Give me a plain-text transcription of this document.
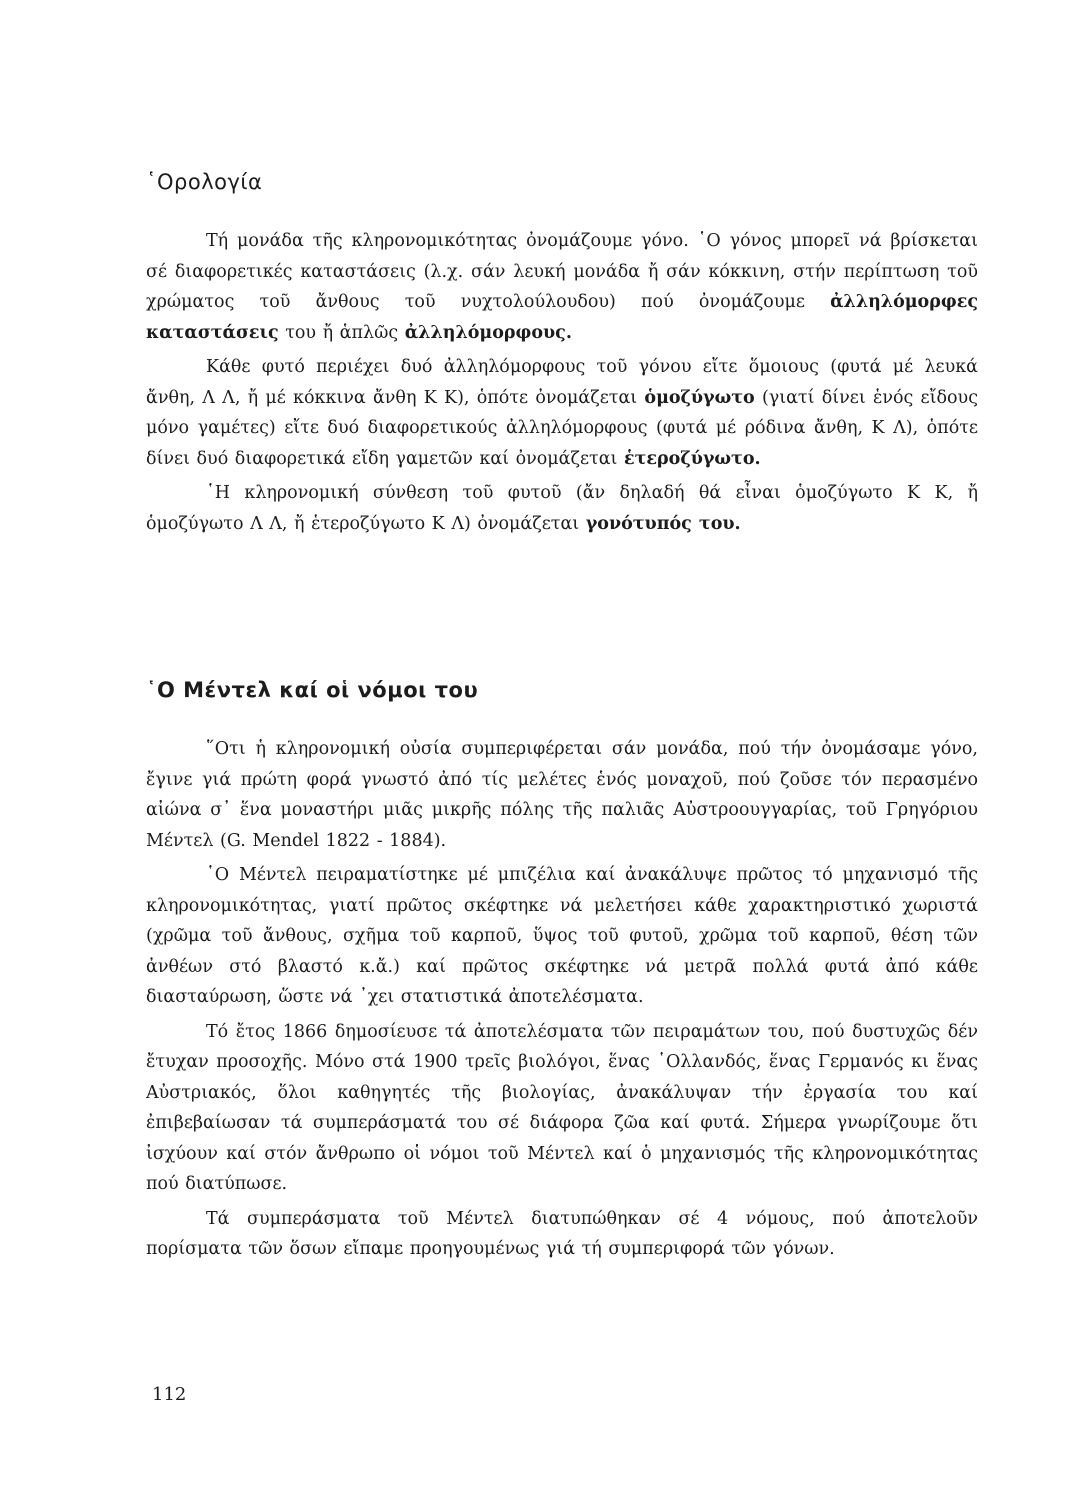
῾Ορολογία

Τή μονάδα τῆς κληρονομικότητας ὀνομάζουμε γόνο. ῾Ο γόνος μπορεῖ νά βρίσκεται σέ διαφορετικές καταστάσεις (λ.χ. σάν λευκή μονάδα ἤ σάν κόκκινη, στήν περίπτωση τοῦ χρώματος τοῦ ἄνθους τοῦ νυχτολούλουδου) πού ὀνομάζουμε ἀλληλόμορφες καταστάσεις του ἤ ἁπλῶς ἀλληλόμορφους.

Κάθε φυτό περιέχει δυό ἀλληλόμορφους τοῦ γόνου εἴτε ὅμοιους (φυτά μέ λευκά ἄνθη, Λ Λ, ἤ μέ κόκκινα ἄνθη Κ Κ), ὁπότε ὀνομάζεται ὁμοζύγωτο (γιατί δίνει ἑνός εἴδους μόνο γαμέτες) εἴτε δυό διαφορετικούς ἀλληλόμορφους (φυτά μέ ρόδινα ἄνθη, Κ Λ), ὁπότε δίνει δυό διαφορετικά εἴδη γαμετῶν καί ὀνομάζεται ἑτεροζύγωτο.

῾Η κληρονομική σύνθεση τοῦ φυτοῦ (ἄν δηλαδή θά εἶναι ὁμοζύγωτο Κ Κ, ἤ ὁμοζύγωτο Λ Λ, ἤ ἑτεροζύγωτο Κ Λ) ὀνομάζεται γονότυπός του.

῾Ο Μέντελ καί οἱ νόμοι του

῞Οτι ἡ κληρονομική οὐσία συμπεριφέρεται σάν μονάδα, πού τήν ὀνομάσαμε γόνο, ἔγινε γιά πρώτη φορά γνωστό ἀπό τίς μελέτες ἑνός μοναχοῦ, πού ζοῦσε τόν περασμένο αἰώνα σ᾿ ἕνα μοναστήρι μιᾶς μικρῆς πόλης τῆς παλιᾶς Αὐστροουγγαρίας, τοῦ Γρηγόριου Μέντελ (G. Mendel 1822 - 1884).

῾Ο Μέντελ πειραματίστηκε μέ μπιζέλια καί ἀνακάλυψε πρῶτος τό μηχανισμό τῆς κληρονομικότητας, γιατί πρῶτος σκέφτηκε νά μελετήσει κάθε χαρακτηριστικό χωριστά (χρῶμα τοῦ ἄνθους, σχῆμα τοῦ καρποῦ, ὕψος τοῦ φυτοῦ, χρῶμα τοῦ καρποῦ, θέση τῶν ἀνθέων στό βλαστό κ.ἄ.) καί πρῶτος σκέφτηκε νά μετρᾶ πολλά φυτά ἀπό κάθε διασταύρωση, ὥστε νά ᾽χει στατιστικά ἀποτελέσματα.

Τό ἔτος 1866 δημοσίευσε τά ἀποτελέσματα τῶν πειραμάτων του, πού δυστυχῶς δέν ἔτυχαν προσοχῆς. Μόνο στά 1900 τρεῖς βιολόγοι, ἕνας ῾Ολλανδός, ἕνας Γερμανός κι ἕνας Αὐστριακός, ὅλοι καθηγητές τῆς βιολογίας, ἀνακάλυψαν τήν ἐργασία του καί ἐπιβεβαίωσαν τά συμπεράσματά του σέ διάφορα ζῶα καί φυτά. Σήμερα γνωρίζουμε ὅτι ἰσχύουν καί στόν ἄνθρωπο οἱ νόμοι τοῦ Μέντελ καί ὁ μηχανισμός τῆς κληρονομικότητας πού διατύπωσε.

Τά συμπεράσματα τοῦ Μέντελ διατυπώθηκαν σέ 4 νόμους, πού ἀποτελοῦν πορίσματα τῶν ὅσων εἴπαμε προηγουμένως γιά τή συμπεριφορά τῶν γόνων.

112
